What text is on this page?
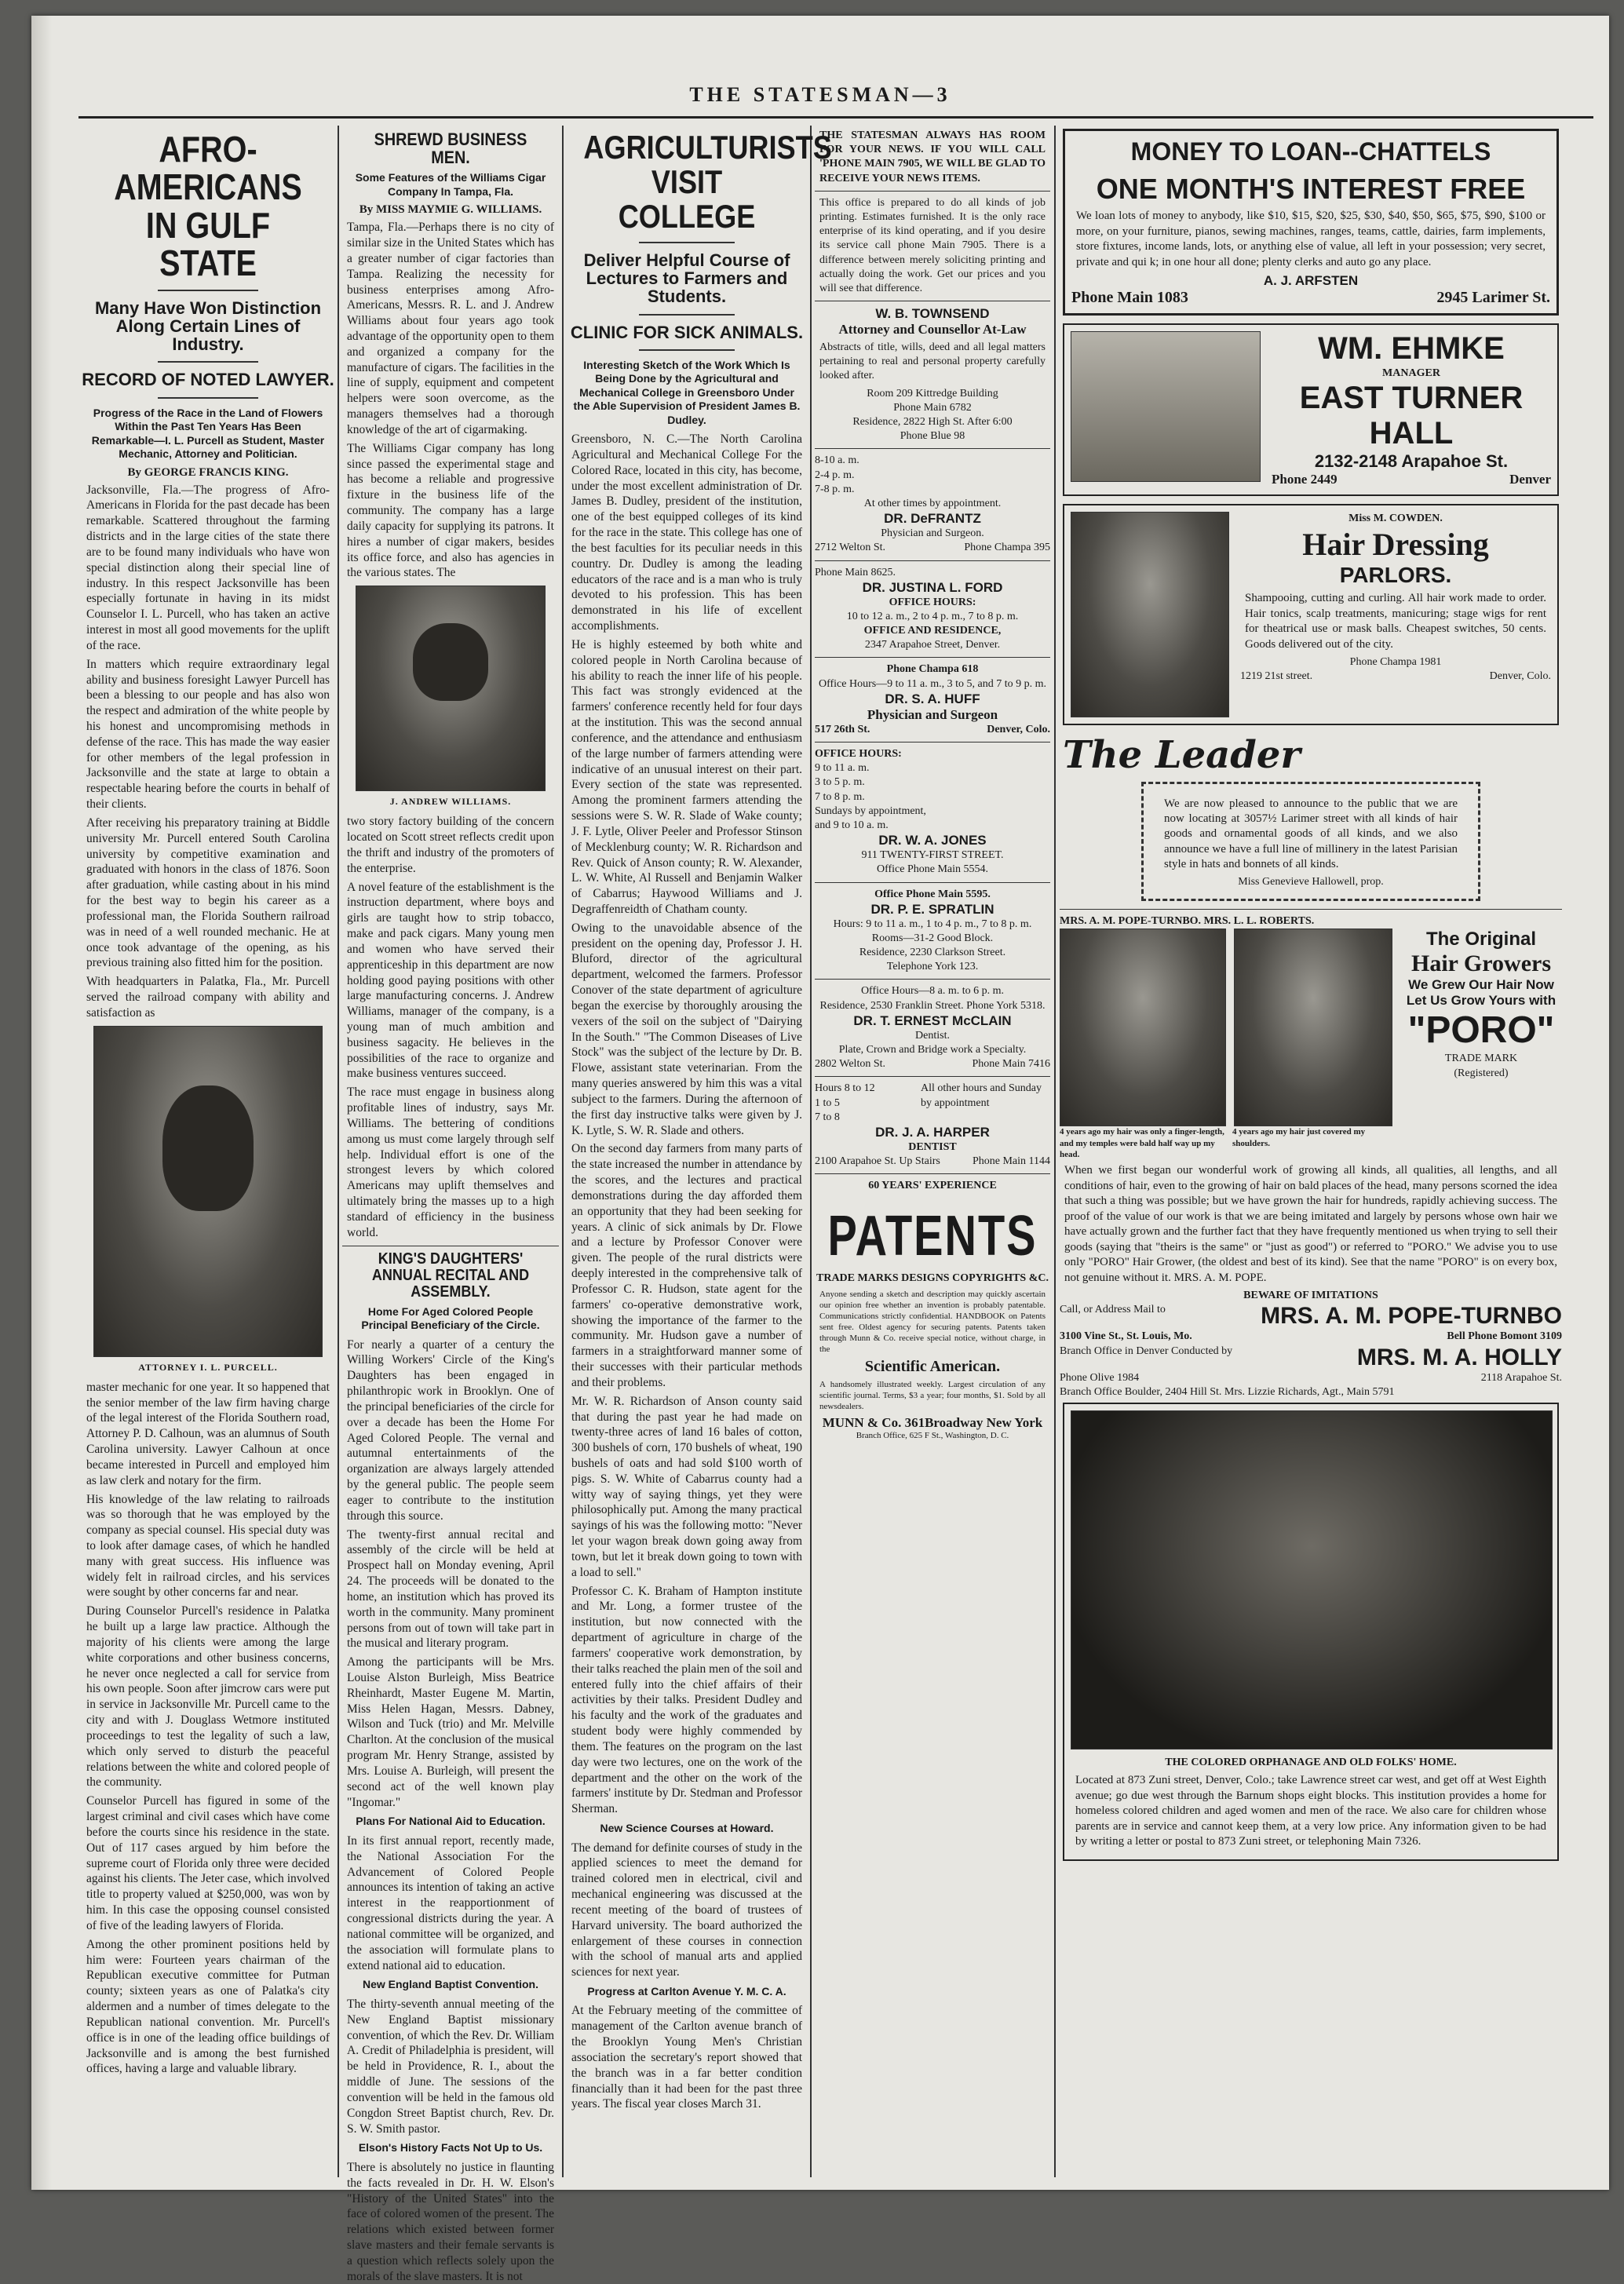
THE STATESMAN—3
AFRO-AMERICANS IN GULF STATE
Many Have Won Distinction Along Certain Lines of Industry.
RECORD OF NOTED LAWYER.
Progress of the Race in the Land of Flowers Within the Past Ten Years Has Been Remarkable—I. L. Purcell as Student, Master Mechanic, Attorney and Politician.
By GEORGE FRANCIS KING.

Jacksonville, Fla.—The progress of Afro-Americans in Florida for the past decade has been remarkable. Scattered throughout the farming districts and in the large cities of the state there are to be found many individuals who have won special distinction along their special line of industry. In this respect Jacksonville has been especially fortunate in having in its midst Counselor I. L. Purcell, who has taken an active interest in most all good movements for the uplift of the race.

In matters which require extraordinary legal ability and business foresight Lawyer Purcell has been a blessing to our people and has also won the respect and admiration of the white people by his honest and uncompromising methods in defense of the race. This has made the way easier for other members of the legal profession in Jacksonville and the state at large to obtain a respectable hearing before the courts in behalf of their clients.

After receiving his preparatory training at Biddle university Mr. Purcell entered South Carolina university by competitive examination and graduated with honors in the class of 1876. Soon after graduation, while casting about in his mind for the best way to begin his career as a professional man, the Florida Southern railroad was in need of a well rounded mechanic. He at once took advantage of the opening, as his previous training also fitted him for the position.

With headquarters in Palatka, Fla., Mr. Purcell served the railroad company with ability and satisfaction as

ATTORNEY I. L. PURCELL.

master mechanic for one year. It so happened that the senior member of the law firm having charge of the legal interest of the Florida Southern road, Attorney P. D. Calhoun, was an alumnus of South Carolina university. Lawyer Calhoun at once became interested in Purcell and employed him as law clerk and notary for the firm.

His knowledge of the law relating to railroads was so thorough that he was employed by the company as special counsel. His special duty was to look after damage cases, of which he handled many with great success. His influence was widely felt in railroad circles, and his services were sought by other concerns far and near.

During Counselor Purcell's residence in Palatka he built up a large law practice. Although the majority of his clients were among the large white corporations and other business concerns, he never once neglected a call for service from his own people. Soon after jimcrow cars were put in service in Jacksonville Mr. Purcell came to the city and with J. Douglass Wetmore instituted proceedings to test the legality of such a law, which only served to disturb the peaceful relations between the white and colored people of the community.

Counselor Purcell has figured in some of the largest criminal and civil cases which have come before the courts since his residence in the state. Out of 117 cases argued by him before the supreme court of Florida only three were decided against his clients. The Jeter case, which involved title to property valued at $250,000, was won by him. In this case the opposing counsel consisted of five of the leading lawyers of Florida.

Among the other prominent positions held by him were: Fourteen years chairman of the Republican executive committee for Putman county; sixteen years as one of Palatka's city aldermen and a number of times delegate to the Republican national convention. Mr. Purcell's office is in one of the leading office buildings of Jacksonville and is among the best furnished offices, having a large and valuable library.

SHREWD BUSINESS MEN.
Some Features of the Williams Cigar Company In Tampa, Fla.
By MISS MAYMIE G. WILLIAMS.

Tampa, Fla.—Perhaps there is no city of similar size in the United States which has a greater number of cigar factories than Tampa. Realizing the necessity for business enterprises among Afro-Americans, Messrs. R. L. and J. Andrew Williams about four years ago took advantage of the opportunity open to them and organized a company for the manufacture of cigars. The facilities in the line of supply, equipment and competent helpers were soon overcome, as the managers themselves had a thorough knowledge of the art of cigarmaking.

The Williams Cigar company has long since passed the experimental stage and has become a reliable and progressive fixture in the business life of the community. The company has a large daily capacity for supplying its patrons. It hires a number of cigar makers, besides its office force, and also has agencies in the various states. The

J. ANDREW WILLIAMS.

two story factory building of the concern located on Scott street reflects credit upon the thrift and industry of the promoters of the enterprise.

A novel feature of the establishment is the instruction department, where boys and girls are taught how to strip tobacco, make and pack cigars. Many young men and women who have served their apprenticeship in this department are now holding good paying positions with other large manufacturing concerns. J. Andrew Williams, manager of the company, is a young man of much ambition and business sagacity. He believes in the possibilities of the race to organize and make business ventures succeed.

The race must engage in business along profitable lines of industry, says Mr. Williams. The bettering of conditions among us must come largely through self help. Individual effort is one of the strongest levers by which colored Americans may uplift themselves and ultimately bring the masses up to a high standard of efficiency in the business world.

KING'S DAUGHTERS' ANNUAL RECITAL AND ASSEMBLY.
Home For Aged Colored People Principal Beneficiary of the Circle.

For nearly a quarter of a century the Willing Workers' Circle of the King's Daughters has been engaged in philanthropic work in Brooklyn. One of the principal beneficiaries of the circle for over a decade has been the Home For Aged Colored People. The vernal and autumnal entertainments of the organization are always largely attended by the general public. The people seem eager to contribute to the institution through this source.

The twenty-first annual recital and assembly of the circle will be held at Prospect hall on Monday evening, April 24. The proceeds will be donated to the home, an institution which has proved its worth in the community. Many prominent persons from out of town will take part in the musical and literary program.

Among the participants will be Mrs. Louise Alston Burleigh, Miss Beatrice Rheinhardt, Master Eugene M. Martin, Miss Helen Hagan, Messrs. Dabney, Wilson and Tuck (trio) and Mr. Melville Charlton. At the conclusion of the musical program Mr. Henry Strange, assisted by Mrs. Louise A. Burleigh, will present the second act of the well known play "Ingomar."

Plans For National Aid to Education.

In its first annual report, recently made, the National Association For the Advancement of Colored People announces its intention of taking an active interest in the reapportionment of congressional districts during the year. A national committee will be organized, and the association will formulate plans to extend national aid to education.

New England Baptist Convention.

The thirty-seventh annual meeting of the New England Baptist missionary convention, of which the Rev. Dr. William A. Credit of Philadelphia is president, will be held in Providence, R. I., about the middle of June. The sessions of the convention will be held in the famous old Congdon Street Baptist church, Rev. Dr. S. W. Smith pastor.

Elson's History Facts Not Up to Us.

There is absolutely no justice in flaunting the facts revealed in Dr. H. W. Elson's "History of the United States" into the face of colored women of the present. The relations which existed between former slave masters and their female servants is a question which reflects solely upon the morals of the slave masters. It is not

AGRICULTURISTS VISIT COLLEGE
Deliver Helpful Course of Lectures to Farmers and Students.
CLINIC FOR SICK ANIMALS.
Interesting Sketch of the Work Which Is Being Done by the Agricultural and Mechanical College in Greensboro Under the Able Supervision of President James B. Dudley.

Greensboro, N. C.—The North Carolina Agricultural and Mechanical College For the Colored Race, located in this city, has become, under the most excellent administration of Dr. James B. Dudley, president of the institution, one of the best equipped colleges of its kind for the race in the state. This college has one of the best faculties for its peculiar needs in this country. Dr. Dudley is among the leading educators of the race and is a man who is truly devoted to his profession. This has been demonstrated in his life of excellent accomplishments.

He is highly esteemed by both white and colored people in North Carolina because of his ability to reach the inner life of his people. This fact was strongly evidenced at the farmers' conference recently held for four days at the institution. This was the second annual conference, and the attendance and enthusiasm of the large number of farmers attending were indicative of an unusual interest on their part. Every section of the state was represented. Among the prominent farmers attending the sessions were S. W. R. Slade of Wake county; J. F. Lytle, Oliver Peeler and Professor Stinson of Mecklenburg county; W. R. Richardson and Rev. Quick of Anson county; R. W. Alexander, L. W. White, Al Russell and Benjamin Walker of Cabarrus; Haywood Williams and J. Degraffenreidth of Chatham county.

Owing to the unavoidable absence of the president on the opening day, Professor J. H. Bluford, director of the agricultural department, welcomed the farmers. Professor Conover of the state department of agriculture began the exercise by thoroughly arousing the vexers of the soil on the subject of "Dairying In the South." "The Common Diseases of Live Stock" was the subject of the lecture by Dr. B. Flowe, assistant state veterinarian. From the many queries answered by him this was a vital subject to the farmers. During the afternoon of the first day instructive talks were given by J. K. Lytle, S. W. R. Slade and others.

On the second day farmers from many parts of the state increased the number in attendance by the scores, and the lectures and practical demonstrations during the day afforded them an opportunity that they had been seeking for years. A clinic of sick animals by Dr. Flowe and a lecture by Professor Conover were given. The people of the rural districts were deeply interested in the comprehensive talk of Professor C. R. Hudson, state agent for the farmers' co-operative demonstrative work, showing the importance of the farmer to the community. Mr. Hudson gave a number of farmers in a straightforward manner some of their successes with their particular methods and their problems.

Mr. W. R. Richardson of Anson county said that during the past year he had made on twenty-three acres of land 16 bales of cotton, 300 bushels of corn, 170 bushels of wheat, 190 bushels of oats and had sold $100 worth of pigs. S. W. White of Cabarrus county had a witty way of saying things, yet they were philosophically put. Among the many practical sayings of his was the following motto: "Never let your wagon break down going away from town, but let it break down going to town with a load to sell."

Professor C. K. Braham of Hampton institute and Mr. Long, a former trustee of the institution, but now connected with the department of agriculture in charge of the farmers' cooperative work demonstration, by their talks reached the plain men of the soil and entered fully into the chief affairs of their activities by their talks. President Dudley and his faculty and the work of the graduates and student body were highly commended by them. The features on the program on the last day were two lectures, one on the work of the department and the other on the work of the farmers' institute by Dr. Stedman and Professor Sherman.

New Science Courses at Howard.

The demand for definite courses of study in the applied sciences to meet the demand for trained colored men in electrical, civil and mechanical engineering was discussed at the recent meeting of the board of trustees of Harvard university. The board authorized the enlargement of these courses in connection with the school of manual arts and applied sciences for next year.

Progress at Carlton Avenue Y. M. C. A.

At the February meeting of the committee of management of the Carlton avenue branch of the Brooklyn Young Men's Christian association the secretary's report showed that the branch was in a far better condition financially than it had been for the past three years. The fiscal year closes March 31.

THE STATESMAN ALWAYS HAS ROOM FOR YOUR NEWS. IF YOU WILL CALL 'PHONE MAIN 7905, WE WILL BE GLAD TO RECEIVE YOUR NEWS ITEMS.

This office is prepared to do all kinds of job printing. Estimates furnished. It is the only race enterprise of its kind operating, and if you desire its service call phone Main 7905. There is a difference between merely soliciting printing and actually doing the work. Get our prices and you will see that difference.

W. B. TOWNSEND
Attorney and Counsellor At-Law

Abstracts of title, wills, deed and all legal matters pertaining to real and personal property carefully looked after.

Room 209 Kittredge Building
Phone Main 6782
Residence, 2822 High St. After 6:00
Phone Blue 98
8-10 a. m.
2-4 p. m.
7-8 p. m.
At other times by appointment.
DR. DeFRANTZ
Physician and Surgeon.
2712 Welton St.	Phone Champa 395
Phone Main 8625.
DR. JUSTINA L. FORD
OFFICE HOURS:
10 to 12 a. m., 2 to 4 p. m., 7 to 8 p. m.
OFFICE AND RESIDENCE,
2347 Arapahoe Street, Denver.
Phone Champa 618
Office Hours—9 to 11 a. m., 3 to 5, and 7 to 9 p. m.
DR. S. A. HUFF
Physician and Surgeon
517 26th St.	Denver, Colo.
OFFICE HOURS:
9 to 11 a. m.
3 to 5 p. m.
7 to 8 p. m.
Sundays by appointment,
and 9 to 10 a. m.
DR. W. A. JONES
911 TWENTY-FIRST STREET.
Office Phone Main 5554.
Office Phone Main 5595.
DR. P. E. SPRATLIN
Hours: 9 to 11 a. m., 1 to 4 p. m., 7 to 8 p. m.
Rooms—31-2 Good Block.
Residence, 2230 Clarkson Street.
Telephone York 123.
Office Hours—8 a. m. to 6 p. m.
Residence, 2530 Franklin Street. Phone York 5318.
DR. T. ERNEST McCLAIN
Dentist.
Plate, Crown and Bridge work a Specialty.
2802 Welton St.	Phone Main 7416
Hours 8 to 12
1 to 5
7 to 8
All other hours and Sunday by appointment
DR. J. A. HARPER
DENTIST
2100 Arapahoe St. Up Stairs	Phone Main 1144
60 YEARS' EXPERIENCE
PATENTS
TRADE MARKS DESIGNS COPYRIGHTS &C.

Anyone sending a sketch and description may quickly ascertain our opinion free whether an invention is probably patentable. Communications strictly confidential. HANDBOOK on Patents sent free. Oldest agency for securing patents. Patents taken through Munn & Co. receive special notice, without charge, in the

Scientific American.

A handsomely illustrated weekly. Largest circulation of any scientific journal. Terms, $3 a year; four months, $1. Sold by all newsdealers.

MUNN & Co. 361Broadway New York
Branch Office, 625 F St., Washington, D. C.
MONEY TO LOAN--CHATTELS
ONE MONTH'S INTEREST FREE

We loan lots of money to anybody, like $10, $15, $20, $25, $30, $40, $50, $65, $75, $90, $100 or more, on your furniture, pianos, sewing machines, ranges, teams, cattle, dairies, farm implements, store fixtures, income lands, lots, or anything else of value, all left in your possession; very secret, private and qui k; in one hour all done; plenty clerks and auto go any place.

A. J. ARFSTEN
Phone Main 1083	2945 Larimer St.
WM. EHMKE
MANAGER
EAST TURNER HALL
2132-2148 Arapahoe St.
Phone 2449	Denver
Miss M. COWDEN.
Hair Dressing
PARLORS.

Shampooing, cutting and curling. All hair work made to order. Hair tonics, scalp treatments, manicuring; stage wigs for rent for theatrical use or mask balls. Cheapest switches, 50 cents. Goods delivered out of the city.

Phone Champa 1981
1219 21st street.	Denver, Colo.
The Leader

We are now pleased to announce to the public that we are now locating at 3057½ Larimer street with all kinds of hair goods and ornamental goods of all kinds, and we also announce we have a full line of millinery in the latest Parisian style in hats and bonnets of all kinds.

Miss Genevieve Hallowell, prop.
MRS. A. M. POPE-TURNBO. MRS. L. L. ROBERTS.
The Original
Hair Growers
We Grew Our Hair Now Let Us Grow Yours with
"PORO"
TRADE MARK
(Registered)
4 years ago my hair was only a finger-length, and my temples were bald half way up my head.
4 years ago my hair just covered my shoulders.

When we first began our wonderful work of growing all kinds, all qualities, all lengths, and all conditions of hair, even to the growing of hair on bald places of the head, many persons scorned the idea that such a thing was possible; but we have grown the hair for hundreds, rapidly achieving success. The proof of the value of our work is that we are being imitated and largely by persons whose own hair we have actually grown and the further fact that they have frequently mentioned us when trying to sell their goods (saying that "theirs is the same" or "just as good") or referred to "PORO." We advise you to use only "PORO" Hair Grower, (the oldest and best of its kind). See that the name "PORO" is on every box, not genuine without it. MRS. A. M. POPE.

BEWARE OF IMITATIONS
Call, or Address Mail to	MRS. A. M. POPE-TURNBO
3100 Vine St., St. Louis, Mo.	Bell Phone Bomont 3109
Branch Office in Denver Conducted by	MRS. M. A. HOLLY
Phone Olive 1984	2118 Arapahoe St.
Branch Office Boulder, 2404 Hill St. Mrs. Lizzie Richards, Agt., Main 5791
THE COLORED ORPHANAGE AND OLD FOLKS' HOME.

Located at 873 Zuni street, Denver, Colo.; take Lawrence street car west, and get off at West Eighth avenue; go due west through the Barnum shops eight blocks. This institution provides a home for homeless colored children and aged women and men of the race. We also care for children whose parents are in service and cannot keep them, at a very low price. Any information given to be had by writing a letter or postal to 873 Zuni street, or telephoning Main 7326.
